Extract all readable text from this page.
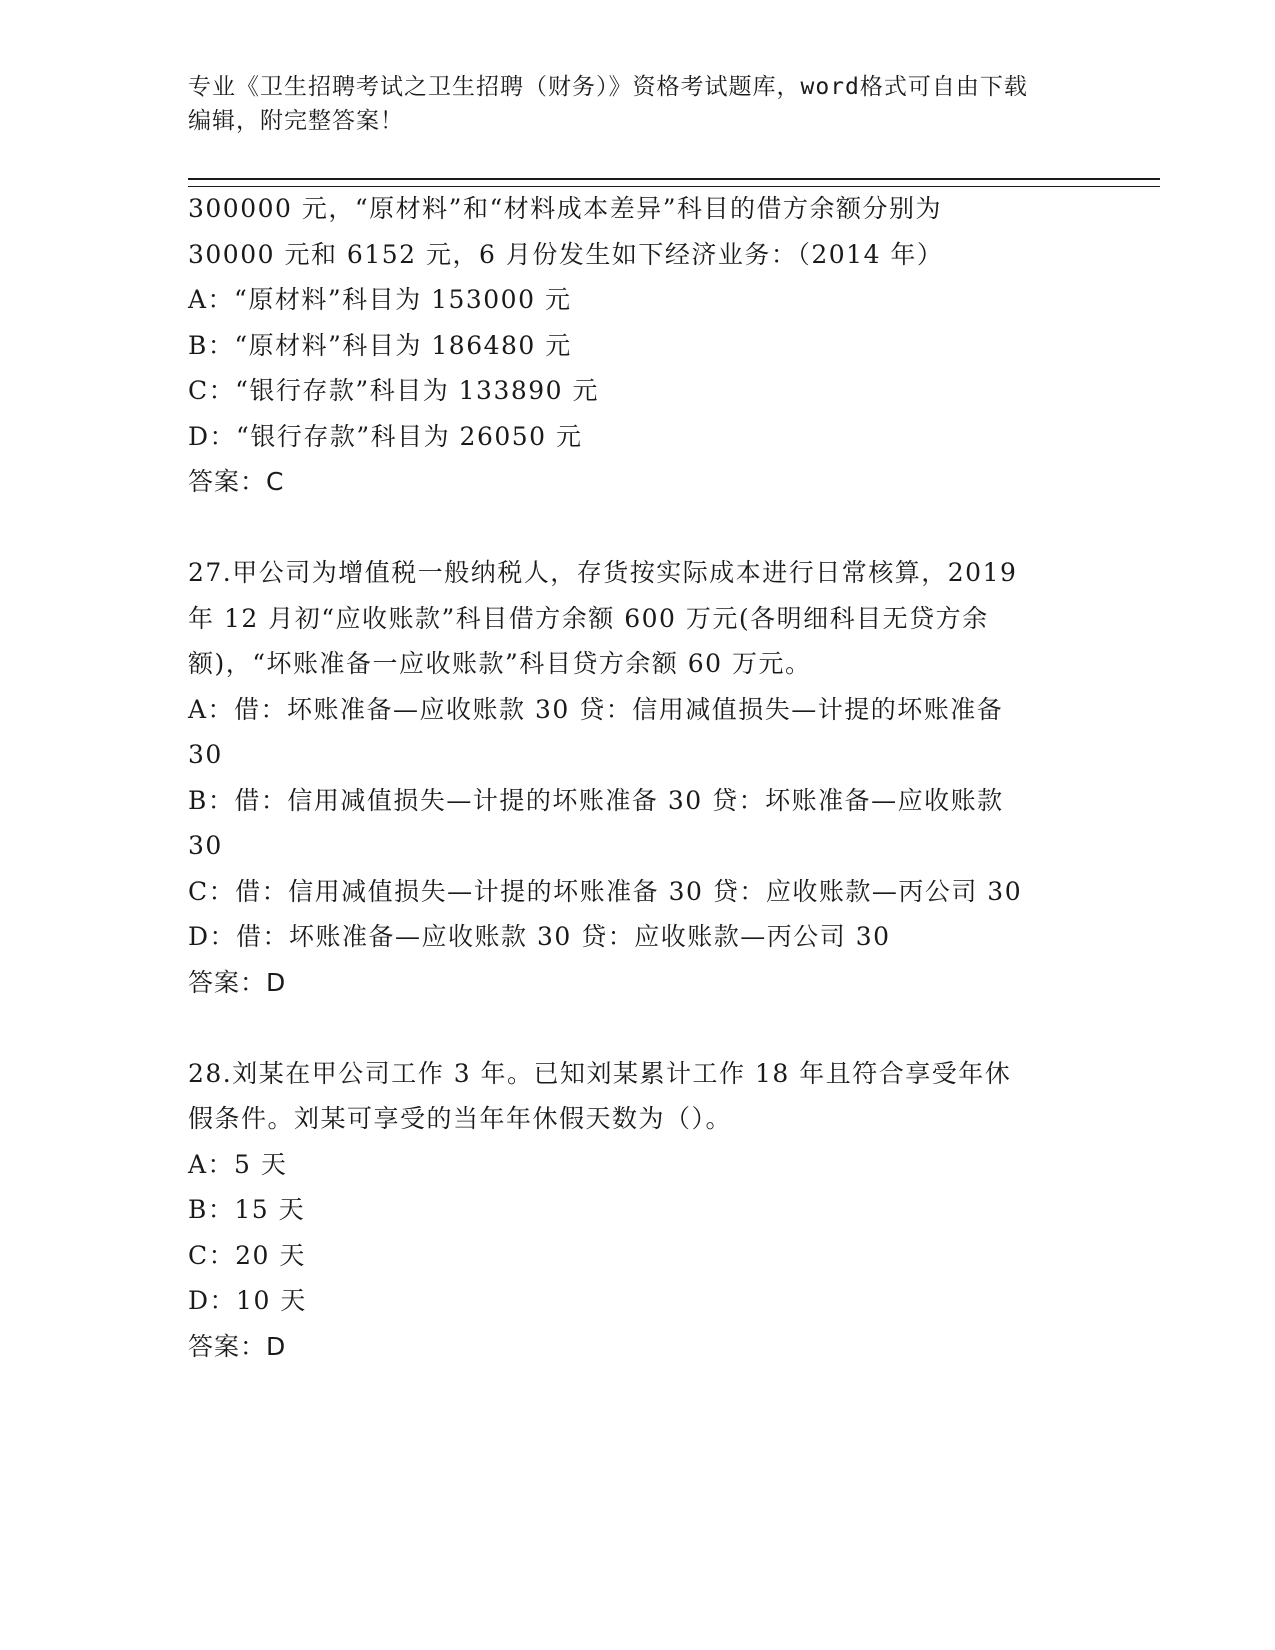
专业《卫生招聘考试之卫生招聘（财务）》资格考试题库，word格式可自由下载
编辑，附完整答案！
300000 元，“原材料”和“材料成本差异”科目的借方余额分别为
30000 元和 6152 元，6 月份发生如下经济业务：（2014 年）
A：“原材料”科目为 153000 元
B：“原材料”科目为 186480 元
C：“银行存款”科目为 133890 元
D：“银行存款”科目为 26050 元
答案：C
27.甲公司为增值税一般纳税人，存货按实际成本进行日常核算，2019
年 12 月初“应收账款”科目借方余额 600 万元(各明细科目无贷方余
额)，“坏账准备一应收账款”科目贷方余额 60 万元。
A：借：坏账准备—应收账款 30 贷：信用减值损失—计提的坏账准备
30
B：借：信用减值损失—计提的坏账准备 30 贷：坏账准备—应收账款
30
C：借：信用减值损失—计提的坏账准备 30 贷：应收账款—丙公司 30
D：借：坏账准备—应收账款 30 贷：应收账款—丙公司 30
答案：D
28.刘某在甲公司工作 3 年。已知刘某累计工作 18 年且符合享受年休
假条件。刘某可享受的当年年休假天数为（）。
A：5 天
B：15 天
C：20 天
D：10 天
答案：D
